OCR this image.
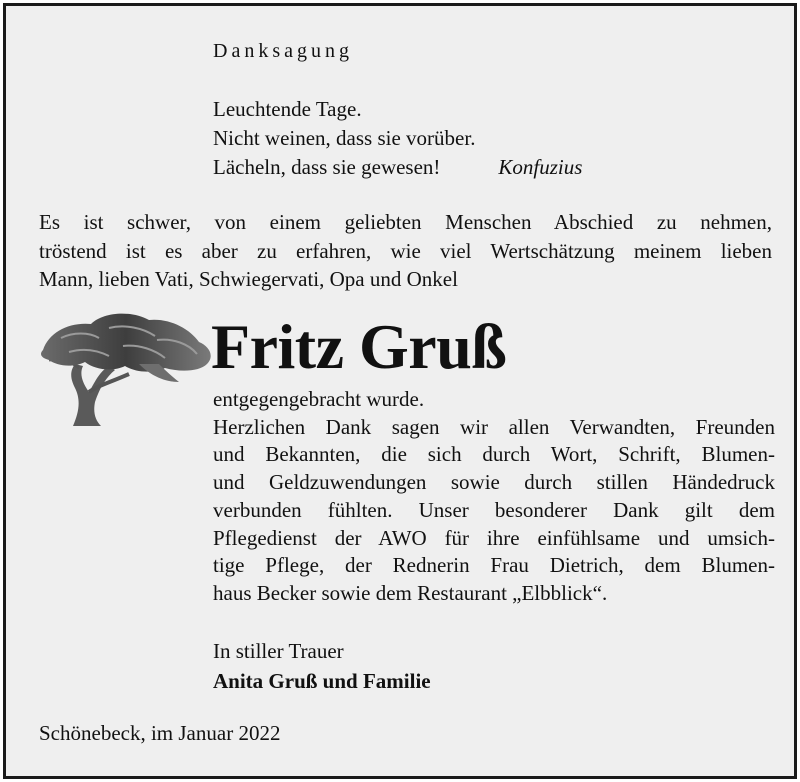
Danksagung
Leuchtende Tage.
Nicht weinen, dass sie vorüber.
Lächeln, dass sie gewesen!	Konfuzius
Es ist schwer, von einem geliebten Menschen Abschied zu nehmen,
tröstend ist es aber zu erfahren, wie viel Wertschätzung meinem lieben
Mann, lieben Vati, Schwiegervati, Opa und Onkel
Fritz Gruß
entgegengebracht wurde.
Herzlichen Dank sagen wir allen Verwandten, Freunden
und Bekannten, die sich durch Wort, Schrift, Blumen-
und Geldzuwendungen sowie durch stillen Händedruck
verbunden fühlten. Unser besonderer Dank gilt dem
Pflegedienst der AWO für ihre einfühlsame und umsich-
tige Pflege, der Rednerin Frau Dietrich, dem Blumen-
haus Becker sowie dem Restaurant „Elbblick“.
In stiller Trauer
Anita Gruß und Familie
Schönebeck, im Januar 2022
